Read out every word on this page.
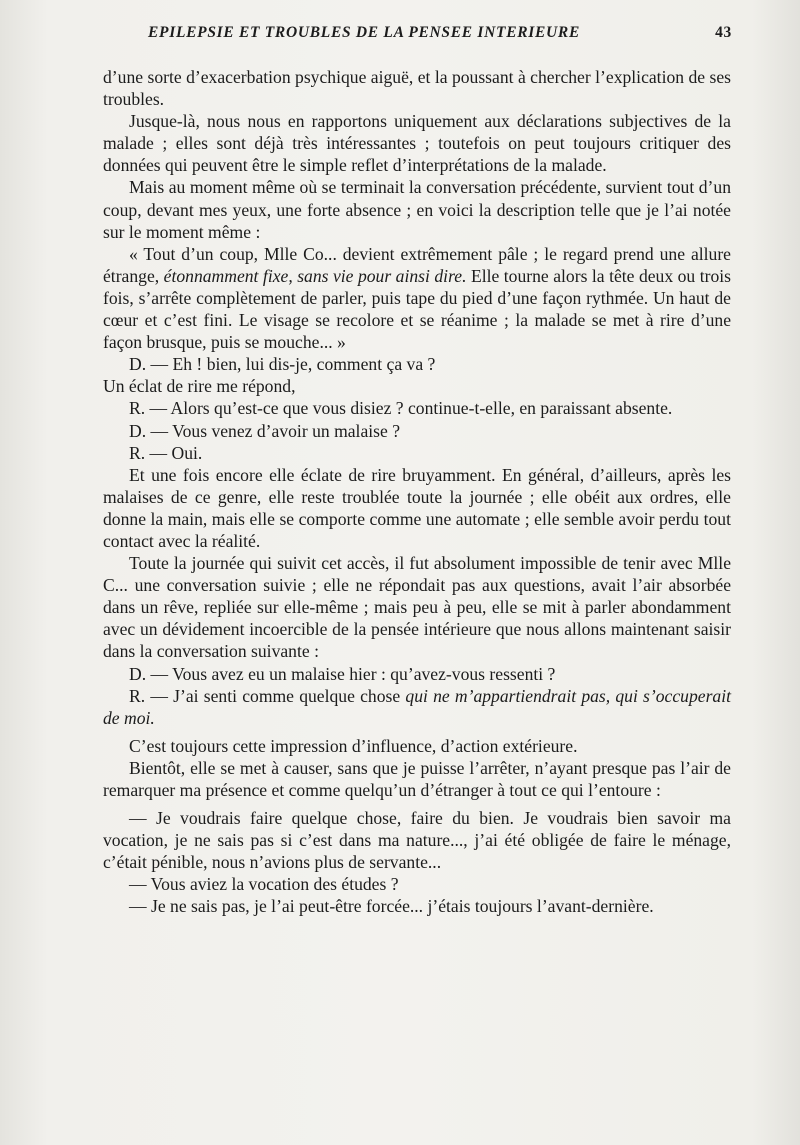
EPILEPSIE ET TROUBLES DE LA PENSEE INTERIEURE	43

d’une sorte d’exacerbation psychique aiguë, et la poussant à chercher l’explication de ses troubles.

Jusque-là, nous nous en rapportons uniquement aux déclarations subjectives de la malade ; elles sont déjà très intéressantes ; toutefois on peut toujours critiquer des données qui peuvent être le simple reflet d’interprétations de la malade.

Mais au moment même où se terminait la conversation précédente, survient tout d’un coup, devant mes yeux, une forte absence ; en voici la description telle que je l’ai notée sur le moment même :

« Tout d’un coup, Mlle Co... devient extrêmement pâle ; le regard prend une allure étrange, étonnamment fixe, sans vie pour ainsi dire. Elle tourne alors la tête deux ou trois fois, s’arrête complètement de parler, puis tape du pied d’une façon rythmée. Un haut de cœur et c’est fini. Le visage se recolore et se réanime ; la malade se met à rire d’une façon brusque, puis se mouche... »

D. — Eh ! bien, lui dis-je, comment ça va ?

Un éclat de rire me répond,

R. — Alors qu’est-ce que vous disiez ? continue-t-elle, en paraissant absente.

D. — Vous venez d’avoir un malaise ?

R. — Oui.

Et une fois encore elle éclate de rire bruyamment. En général, d’ailleurs, après les malaises de ce genre, elle reste troublée toute la journée ; elle obéit aux ordres, elle donne la main, mais elle se comporte comme une automate ; elle semble avoir perdu tout contact avec la réalité.

Toute la journée qui suivit cet accès, il fut absolument impossible de tenir avec Mlle C... une conversation suivie ; elle ne répondait pas aux questions, avait l’air absorbée dans un rêve, repliée sur elle-même ; mais peu à peu, elle se mit à parler abondamment avec un dévidement incoercible de la pensée intérieure que nous allons maintenant saisir dans la conversation suivante :

D. — Vous avez eu un malaise hier : qu’avez-vous ressenti ?

R. — J’ai senti comme quelque chose qui ne m’appartiendrait pas, qui s’occuperait de moi.

C’est toujours cette impression d’influence, d’action extérieure.

Bientôt, elle se met à causer, sans que je puisse l’arrêter, n’ayant presque pas l’air de remarquer ma présence et comme quelqu’un d’étranger à tout ce qui l’entoure :

— Je voudrais faire quelque chose, faire du bien. Je voudrais bien savoir ma vocation, je ne sais pas si c’est dans ma nature..., j’ai été obligée de faire le ménage, c’était pénible, nous n’avions plus de servante...

— Vous aviez la vocation des études ?

— Je ne sais pas, je l’ai peut-être forcée... j’étais toujours l’avant-dernière.
